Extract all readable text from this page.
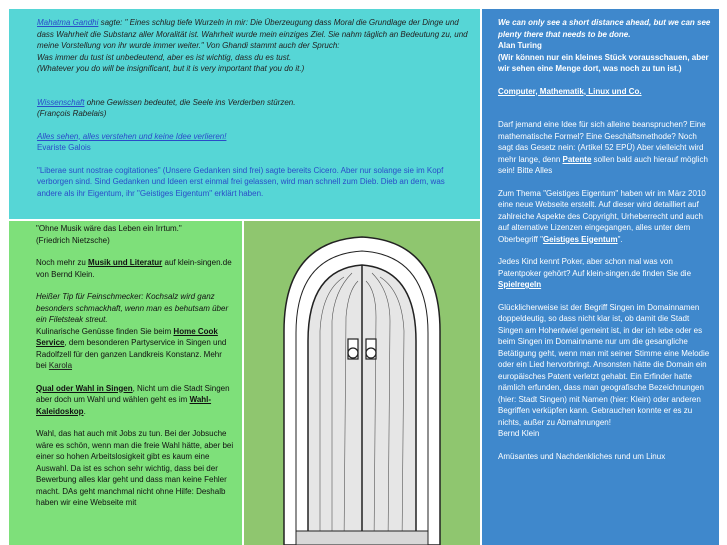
Mahatma Gandhi sagte: " Eines schlug tiefe Wurzeln in mir: Die Überzeugung dass Moral die Grundlage der Dinge und dass Wahrheit die Substanz aller Moralität ist. Wahrheit wurde mein einziges Ziel. Sie nahm täglich an Bedeutung zu, und meine Vorstellung von ihr wurde immer weiter." Von Ghandi stammt auch der Spruch:
Was immer du tust ist unbedeutend, aber es ist wichtig, dass du es tust.
(Whatever you do will be insignificant, but it is very important that you do it.)

Wissenschaft ohne Gewissen bedeutet, die Seele ins Verderben stürzen.
(François Rabelais)

Alles sehen, alles verstehen und keine Idee verlieren!
Evariste Galois

"Liberae sunt nostrae cogitationes" (Unsere Gedanken sind frei) sagte bereits Cicero. Aber nur solange sie im Kopf verborgen sind. Sind Gedanken und Ideen erst einmal frei gelassen, wird man schnell zum Dieb. Dieb an dem, was andere als ihr Eigentum, ihr "Geistiges Eigentum" erklärt haben.

We can only see a short distance ahead, but we can see plenty there that needs to be done.

Alan Turing

(Wir können nur ein kleines Stück vorausschauen, aber wir sehen eine Menge dort, was noch zu tun ist.)

Computer, Mathematik, Linux und Co.

Darf jemand eine Idee für sich alleine beanspruchen? Eine mathematische Formel? Eine Geschäftsmethode? Noch sagt das Gesetz nein: (Artikel 52 EPÜ) Aber vielleicht wird mehr lange, denn Patente sollen bald auch hierauf möglich sein! Bitte Alles

Zum Thema "Geistiges Eigentum" haben wir im März 2010 eine neue Webseite erstellt. Auf dieser wird detailliert auf zahlreiche Aspekte des Copyright, Urheberrecht und auch auf alternative Lizenzen eingegangen, alles unter dem Oberbegriff "Geistiges Eigentum".

Jedes Kind kennt Poker, aber schon mal was von Patentpoker gehört? Auf klein-singen.de finden Sie die Spielregeln

Glücklicherweise ist der Begriff Singen im Domainnamen doppeldeutig, so dass nicht klar ist, ob damit die Stadt Singen am Hohentwiel gemeint ist, in der ich lebe oder es beim Singen im Domainname nur um die gesangliche Betätigung geht, wenn man mit seiner Stimme eine Melodie oder ein Lied hervorbringt. Ansonsten hätte die Domain ein europäisches Patent verletzt gehabt. Ein Erfinder hatte nämlich erfunden, dass man geografische Bezeichnungen (hier: Stadt Singen) mit Namen (hier: Klein) oder anderen Begriffen verküpfen kann. Gebrauchen konnte er es zu nichts, außer zu Abmahnungen!

Bernd Klein

Amüsantes und Nachdenkliches rund um Linux

"Ohne Musik wäre das Leben ein Irrtum."

(Friedrich Nietzsche)

Noch mehr zu Musik und Literatur auf klein-singen.de von Bernd Klein.

Heißer Tip für Feinschmecker: Kochsalz wird ganz besonders schmackhaft, wenn man es behutsam über ein Filetsteak streut.

Kulinarische Genüsse finden Sie beim Home Cook Service, dem besonderen Partyservice in Singen und Radolfzell für den ganzen Landkreis Konstanz. Mehr bei Karola

Qual oder Wahl in Singen, Nicht um die Stadt Singen aber doch um Wahl und wählen geht es im Wahl-Kaleidoskop.

Wahl, das hat auch mit Jobs zu tun. Bei der Jobsuche wäre es schön, wenn man die freie Wahl hätte, aber bei einer so hohen Arbeitslosigkeit gibt es kaum eine Auswahl. Da ist es schon sehr wichtig, dass bei der Bewerbung alles klar geht und dass man keine Fehler macht. DAs geht manchmal nicht ohne Hilfe: Deshalb haben wir eine Webseite mit
